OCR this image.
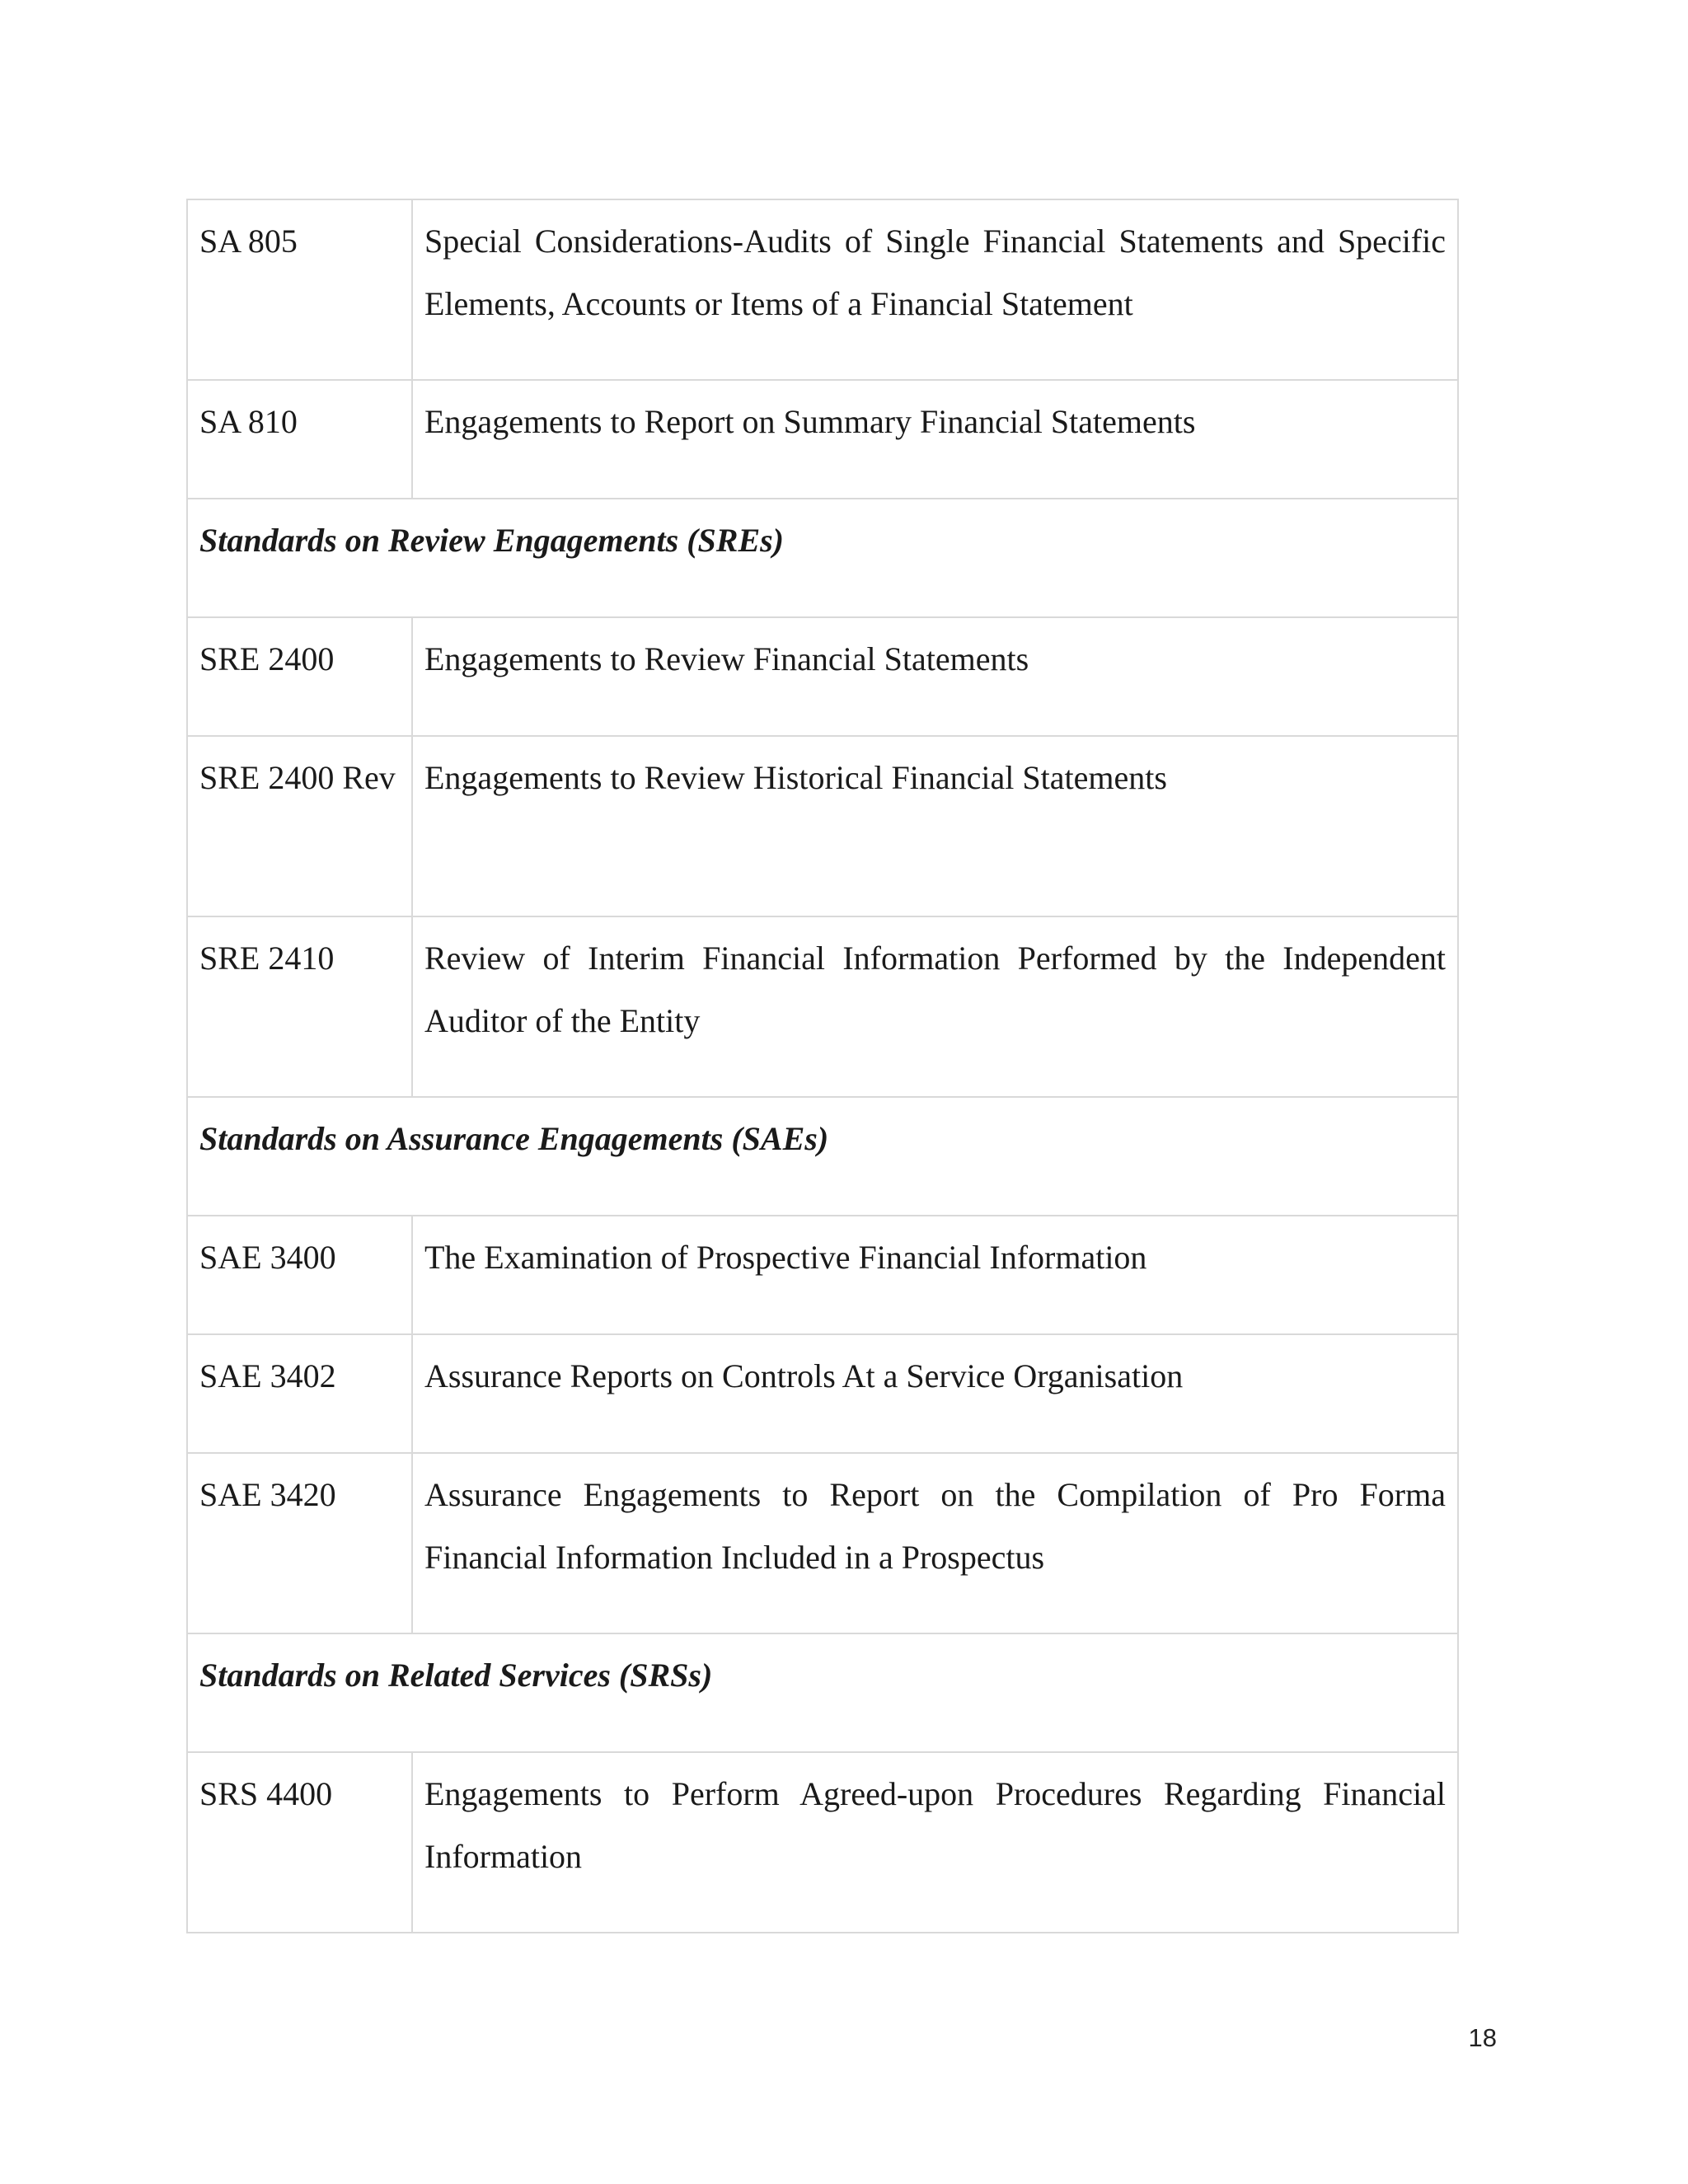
SA 805	Special Considerations-Audits of Single Financial Statements and Specific Elements, Accounts or Items of a Financial Statement
SA 810	Engagements to Report on Summary Financial Statements
Standards on Review Engagements (SREs)	
SRE 2400	Engagements to Review Financial Statements
SRE 2400 Rev	Engagements to Review Historical Financial Statements
SRE 2410	Review of Interim Financial Information Performed by the Independent Auditor of the Entity
Standards on Assurance Engagements (SAEs)	
SAE 3400	The Examination of Prospective Financial Information
SAE 3402	Assurance Reports on Controls At a Service Organisation
SAE 3420	Assurance Engagements to Report on the Compilation of Pro Forma Financial Information Included in a Prospectus
Standards on Related Services (SRSs)	
SRS 4400	Engagements to Perform Agreed-upon Procedures Regarding Financial Information
18
